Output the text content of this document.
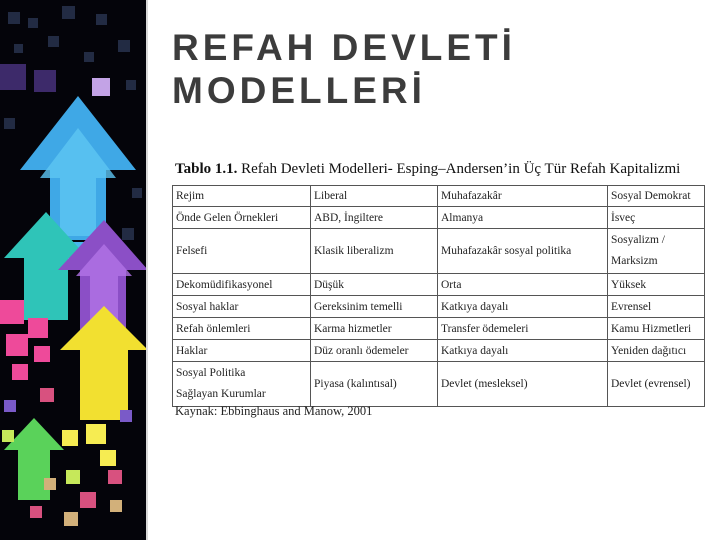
REFAH DEVLETİ
MODELLERİ
Tablo 1.1. Refah Devleti Modelleri- Esping–Andersen’in Üç Tür Refah Kapitalizmi
Rejim	Liberal	Muhafazakâr	Sosyal Demokrat
Önde Gelen Örnekleri	ABD, İngiltere	Almanya	İsveç
Felsefi	Klasik liberalizm	Muhafazakâr sosyal politika	Sosyalizm /
Marksizm

Dekomüdifikasyonel	Düşük	Orta	Yüksek
Sosyal haklar	Gereksinim temelli	Katkıya dayalı	Evrensel
Refah önlemleri	Karma hizmetler	Transfer ödemeleri	Kamu Hizmetleri
Haklar	Düz oranlı ödemeler	Katkıya dayalı	Yeniden dağıtıcı

Sosyal Politika
Sağlayan Kurumlar	Piyasa (kalıntısal)	Devlet (mesleksel)	Devlet (evrensel)
Kaynak: Ebbinghaus and Manow, 2001
